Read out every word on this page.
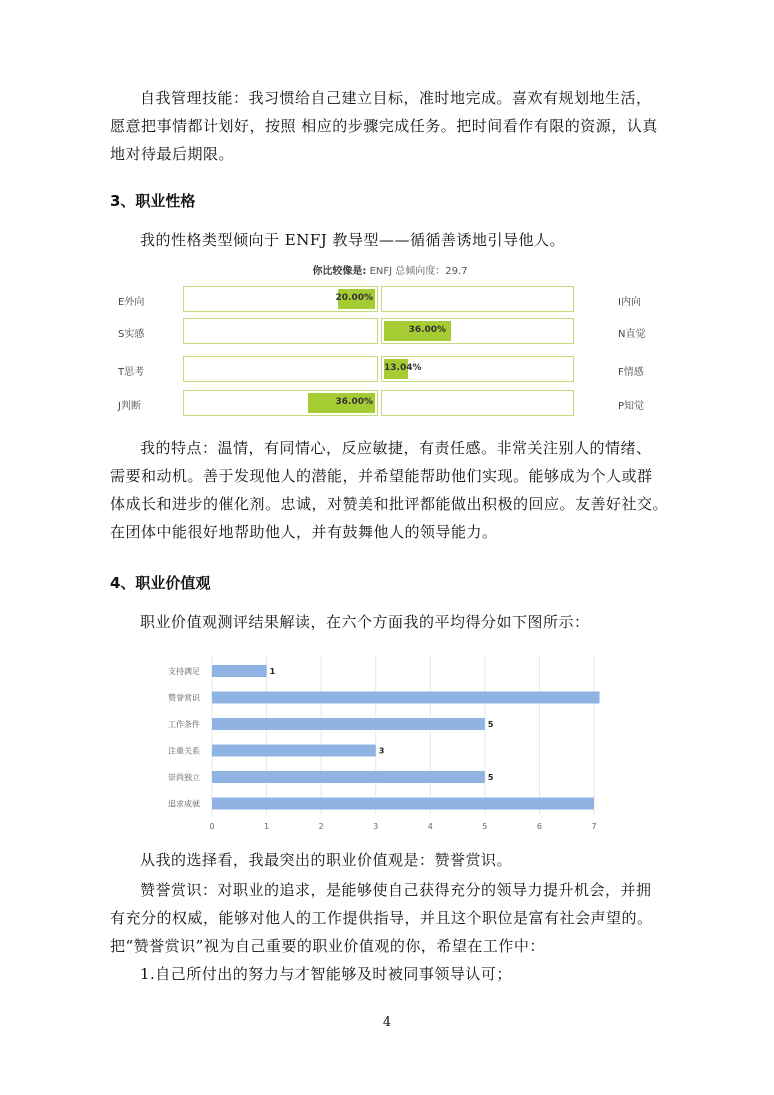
自我管理技能：我习惯给自己建立目标，准时地完成。喜欢有规划地生活，
愿意把事情都计划好，按照 相应的步骤完成任务。把时间看作有限的资源，认真
地对待最后期限。
3、职业性格
我的性格类型倾向于 ENFJ 教导型——循循善诱地引导他人。
你比较像是: ENFJ 总倾向度：29.7
E外向	20.00%	I内向
S实感	36.00%	N直觉
T思考	13.04%	F情感
J判断	36.00%	P知觉
我的特点：温情，有同情心，反应敏捷，有责任感。非常关注别人的情绪、
需要和动机。善于发现他人的潜能，并希望能帮助他们实现。能够成为个人或群
体成长和进步的催化剂。忠诚，对赞美和批评都能做出积极的回应。友善好社交。
在团体中能很好地帮助他人，并有鼓舞他人的领导能力。
4、职业价值观
职业价值观测评结果解读，在六个方面我的平均得分如下图所示：
0	1	2	3	4	5	6	7
支持满足	1
赞誉赏识
工作条件	5
注重关系	3
崇尚独立	5
追求成就
从我的选择看，我最突出的职业价值观是：赞誉赏识。
赞誉赏识：对职业的追求，是能够使自己获得充分的领导力提升机会，并拥
有充分的权威，能够对他人的工作提供指导，并且这个职位是富有社会声望的。
把“赞誉赏识”视为自己重要的职业价值观的你，希望在工作中：
1.自己所付出的努力与才智能够及时被同事领导认可；
4
